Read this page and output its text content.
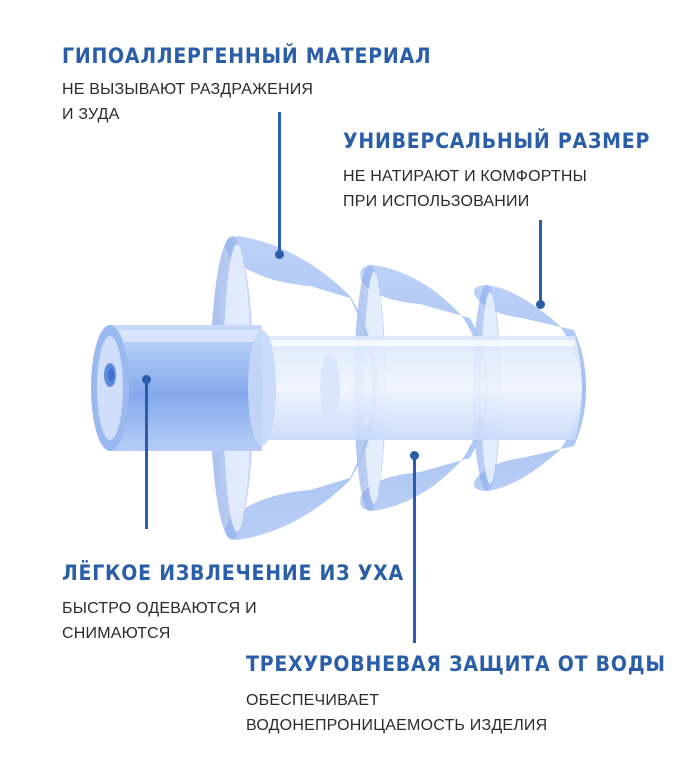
ГИПОАЛЛЕРГЕННЫЙ МАТЕРИАЛ
НЕ ВЫЗЫВАЮТ РАЗДРАЖЕНИЯ
И ЗУДА
УНИВЕРСАЛЬНЫЙ РАЗМЕР
НЕ НАТИРАЮТ И КОМФОРТНЫ
ПРИ ИСПОЛЬЗОВАНИИ
ЛЁГКОЕ ИЗВЛЕЧЕНИЕ ИЗ УХА
БЫСТРО ОДЕВАЮТСЯ И
СНИМАЮТСЯ
ТРЕХУРОВНЕВАЯ ЗАЩИТА ОТ ВОДЫ
ОБЕСПЕЧИВАЕТ
ВОДОНЕПРОНИЦАЕМОСТЬ ИЗДЕЛИЯ
